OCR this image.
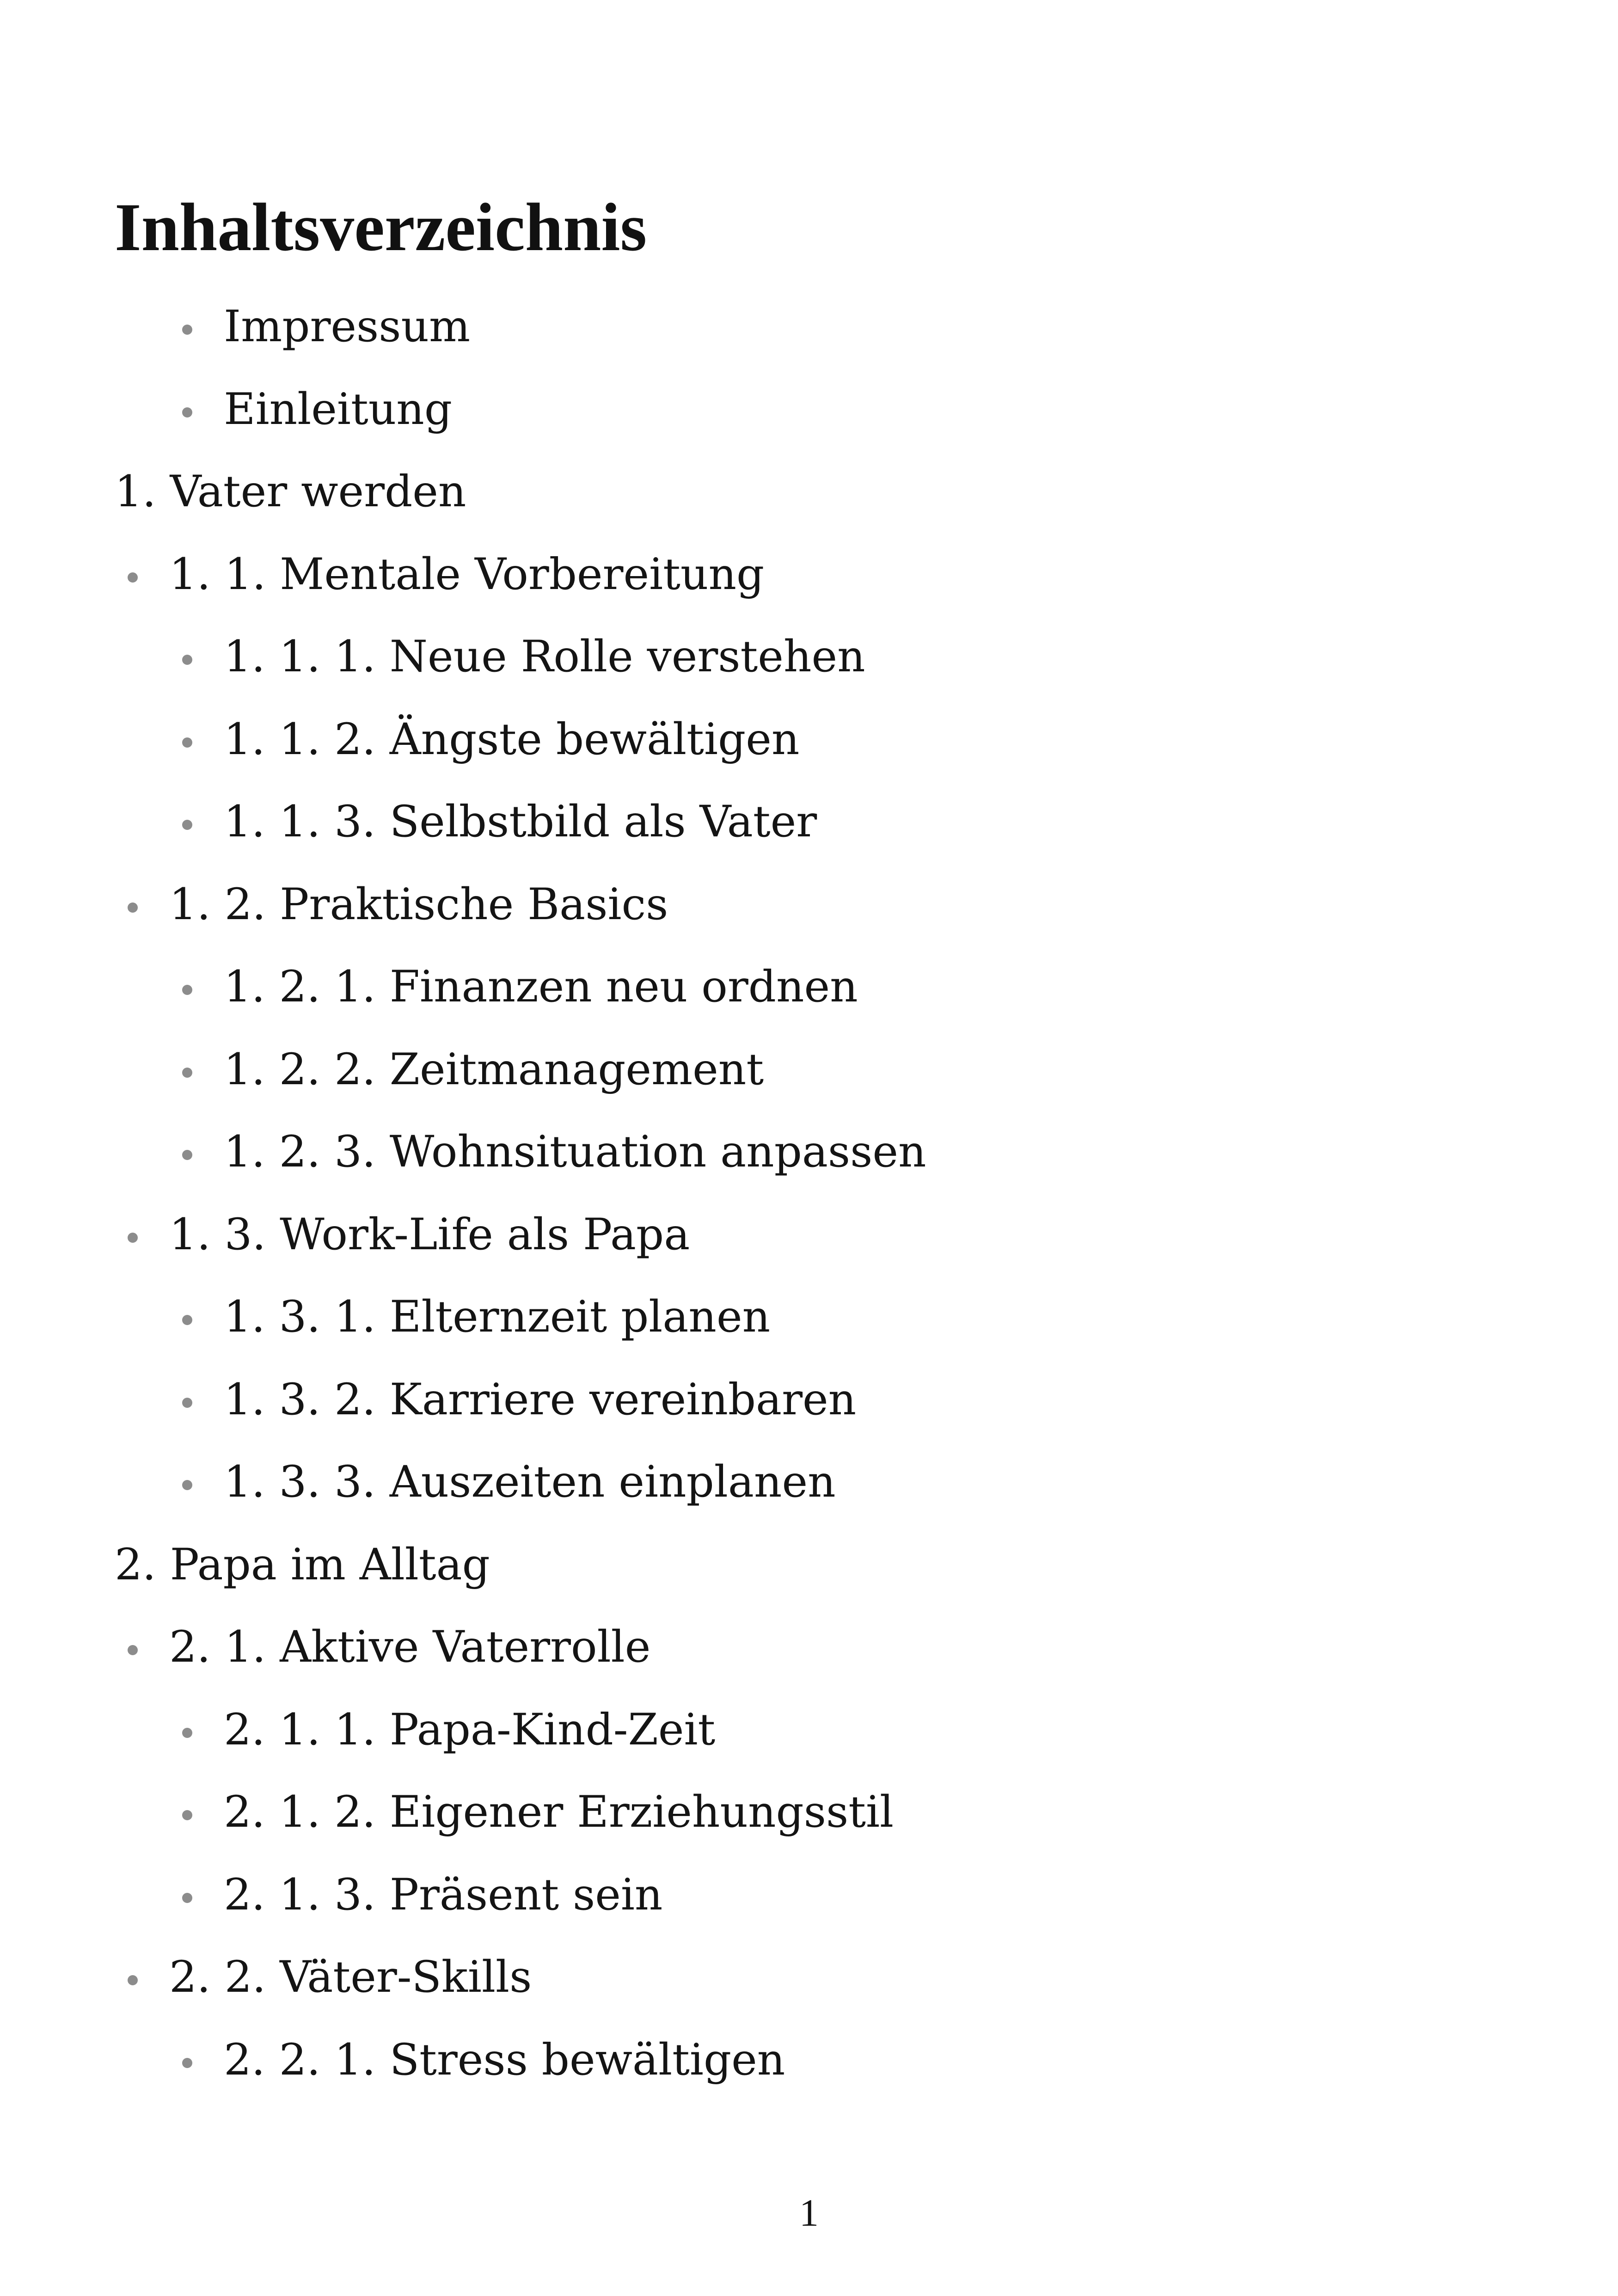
Inhaltsverzeichnis
Impressum
Einleitung
1. Vater werden
1. 1. Mentale Vorbereitung
1. 1. 1. Neue Rolle verstehen
1. 1. 2. Ängste bewältigen
1. 1. 3. Selbstbild als Vater
1. 2. Praktische Basics
1. 2. 1. Finanzen neu ordnen
1. 2. 2. Zeitmanagement
1. 2. 3. Wohnsituation anpassen
1. 3. Work-Life als Papa
1. 3. 1. Elternzeit planen
1. 3. 2. Karriere vereinbaren
1. 3. 3. Auszeiten einplanen
2. Papa im Alltag
2. 1. Aktive Vaterrolle
2. 1. 1. Papa-Kind-Zeit
2. 1. 2. Eigener Erziehungsstil
2. 1. 3. Präsent sein
2. 2. Väter-Skills
2. 2. 1. Stress bewältigen
1
